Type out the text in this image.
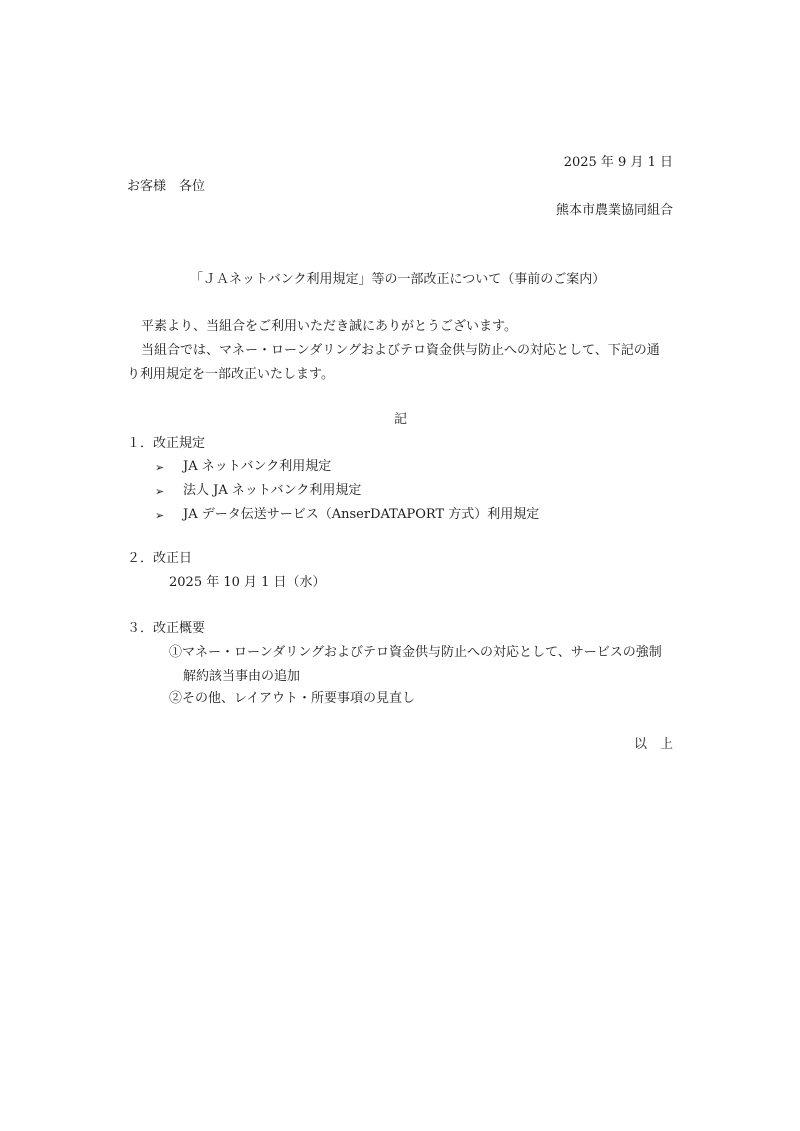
2025 年 9 月 1 日
お客様　各位
熊本市農業協同組合
「ＪＡネットバンク利用規定」等の一部改正について（事前のご案内）
平素より、当組合をご利用いただき誠にありがとうございます。
当組合では、マネー・ローンダリングおよびテロ資金供与防止への対応として、下記の通
り利用規定を一部改正いたします。
記
１．改正規定
➢ JA ネットバンク利用規定
➢ 法人 JA ネットバンク利用規定
➢ JA データ伝送サービス（AnserDATAPORT 方式）利用規定
２．改正日
2025 年 10 月 1 日（水）
３．改正概要
①マネー・ローンダリングおよびテロ資金供与防止への対応として、サービスの強制
解約該当事由の追加
②その他、レイアウト・所要事項の見直し
以　上
